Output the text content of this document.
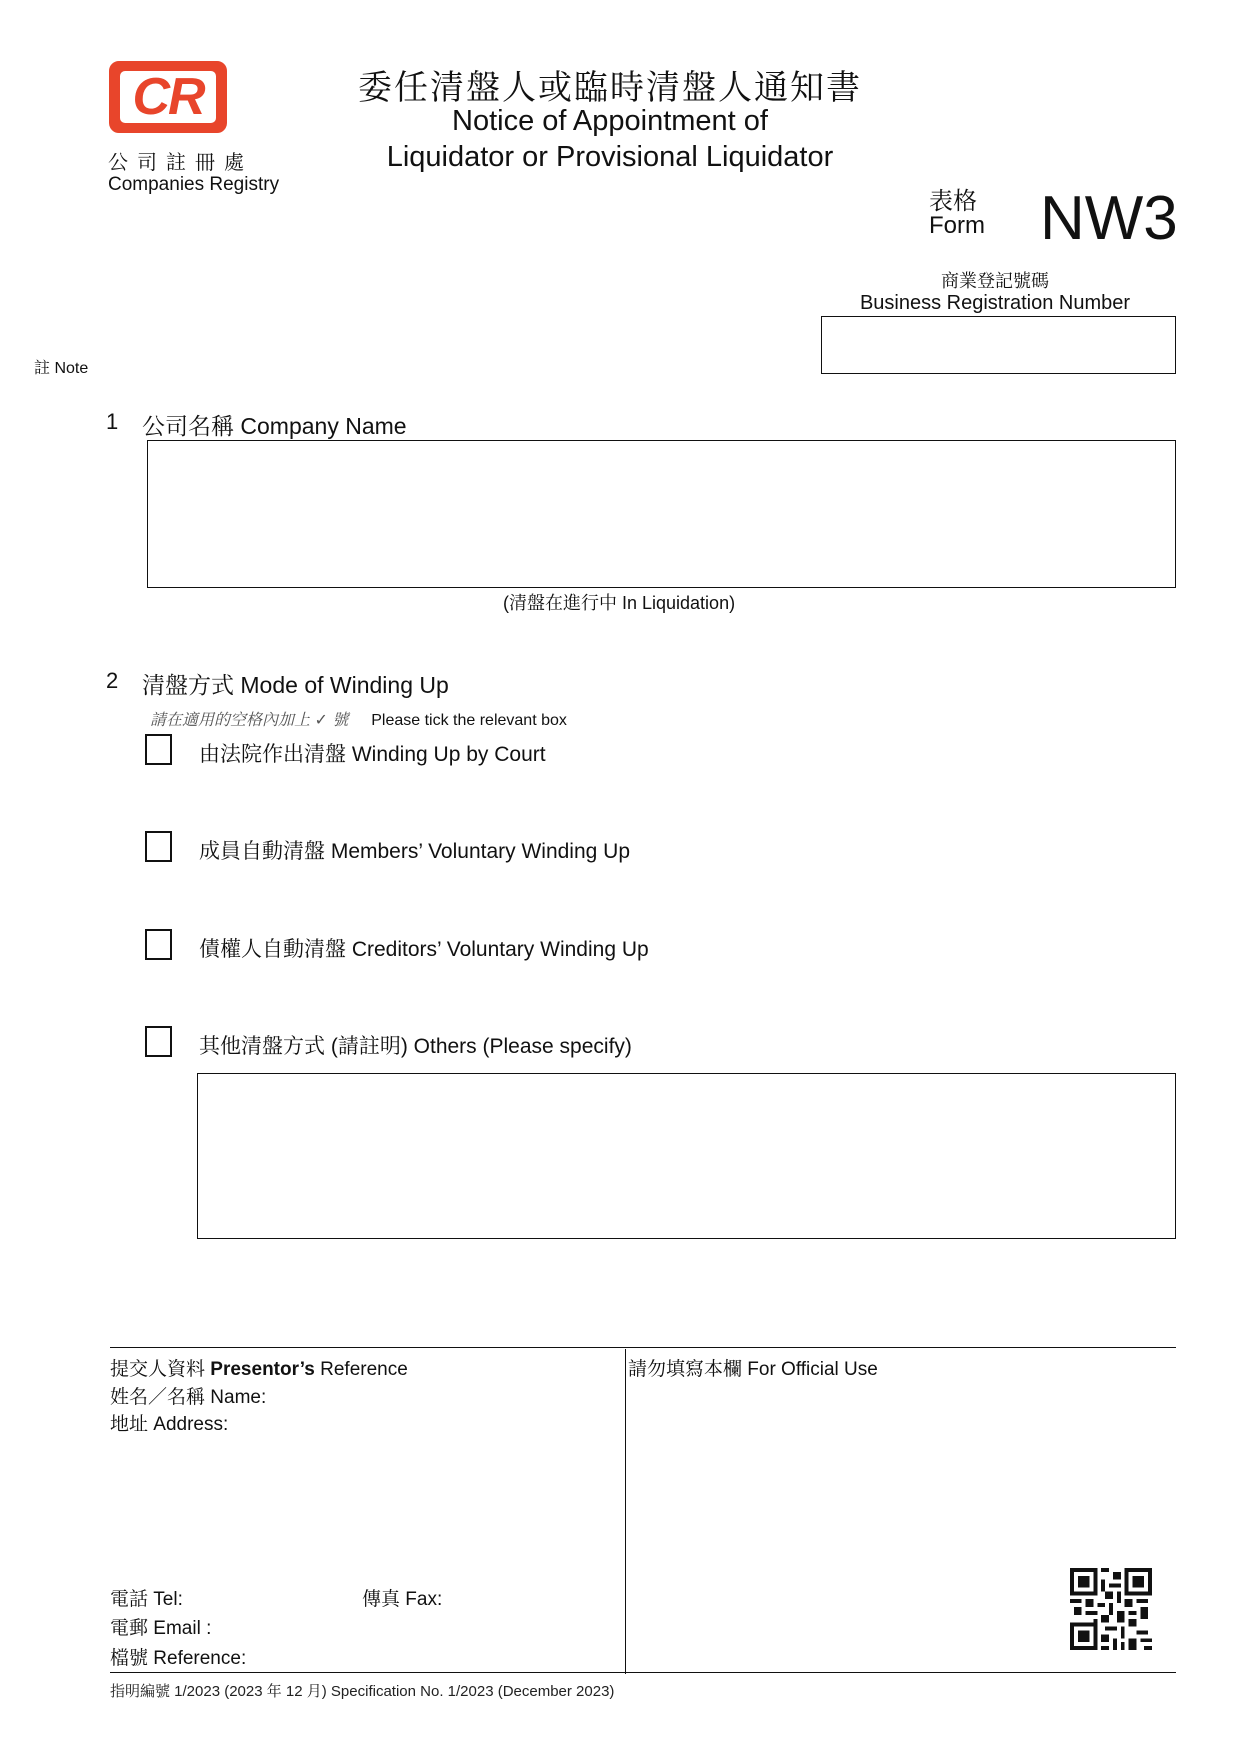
CR
公司註冊處
Companies Registry
委任清盤人或臨時清盤人通知書
Notice of Appointment of
Liquidator or Provisional Liquidator
表格
Form NW3
商業登記號碼
Business Registration Number
註 Note
1 公司名稱 Company Name
(清盤在進行中 In Liquidation)
2 清盤方式 Mode of Winding Up
請在適用的空格內加上 ✓ 號 Please tick the relevant box
由法院作出清盤 Winding Up by Court
成員自動清盤 Members’ Voluntary Winding Up
債權人自動清盤 Creditors’ Voluntary Winding Up
其他清盤方式 (請註明) Others (Please specify)
提交人資料 Presentor’s Reference
姓名／名稱 Name:
地址 Address:
電話 Tel:	傳真 Fax:
電郵 Email :
檔號 Reference:
請勿填寫本欄 For Official Use
指明編號 1/2023 (2023 年 12 月) Specification No. 1/2023 (December 2023)
